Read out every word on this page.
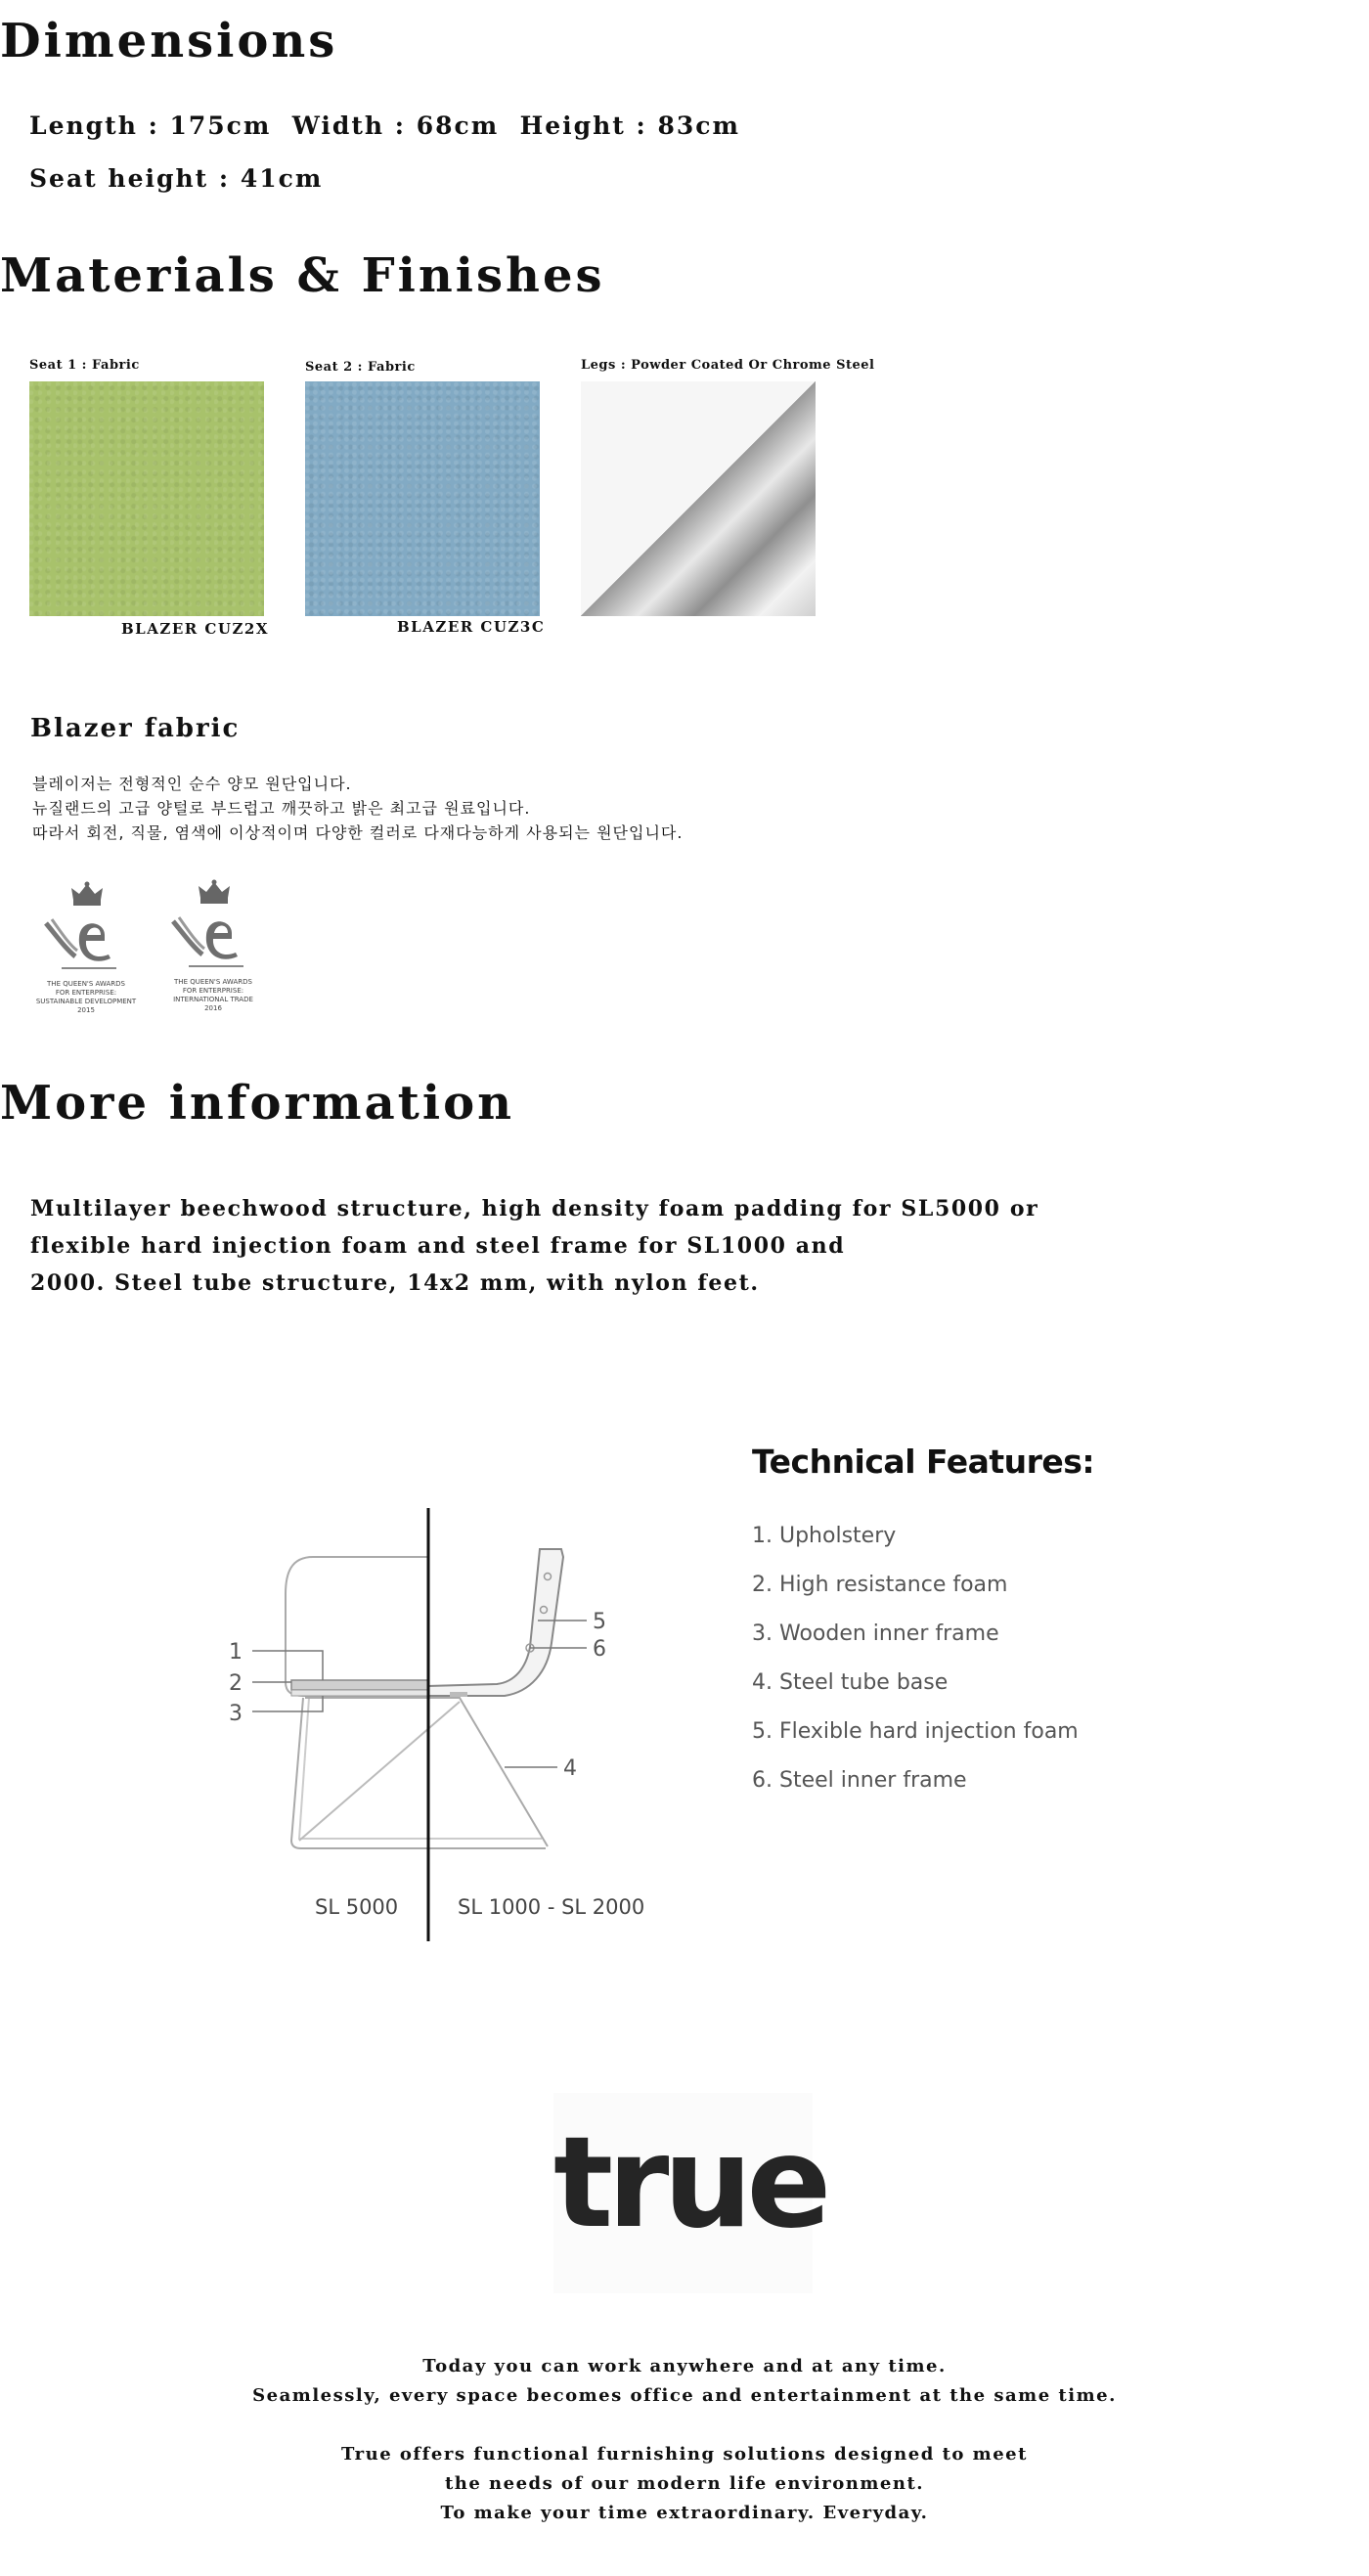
Dimensions

Length : 175cm  Width : 68cm  Height : 83cm

Seat height : 41cm

Materials & Finishes
Seat 1 : Fabric
BLAZER CUZ2X
Seat 2 : Fabric
BLAZER CUZ3C
Legs : Powder Coated Or Chrome Steel
Blazer fabric
블레이저는 전형적인 순수 양모 원단입니다.
뉴질랜드의 고급 양털로 부드럽고 깨끗하고 밝은 최고급 원료입니다.
따라서 회전, 직물, 염색에 이상적이며 다양한 컬러로 다재다능하게 사용되는 원단입니다.
THE QUEEN'S AWARDS
FOR ENTERPRISE:
SUSTAINABLE DEVELOPMENT
2015
THE QUEEN'S AWARDS
FOR ENTERPRISE:
INTERNATIONAL TRADE
2016
More information
Multilayer beechwood structure, high density foam padding for SL5000 or
flexible hard injection foam and steel frame for SL1000 and
2000. Steel tube structure, 14x2 mm, with nylon feet.
1
2
3
4
5
6
SL 5000	SL 1000 - SL 2000
Technical Features:
1. Upholstery
2. High resistance foam
3. Wooden inner frame
4. Steel tube base
5. Flexible hard injection foam
6. Steel inner frame
true
Today you can work anywhere and at any time.
Seamlessly, every space becomes office and entertainment at the same time.
True offers functional furnishing solutions designed to meet
the needs of our modern life environment.
To make your time extraordinary. Everyday.
